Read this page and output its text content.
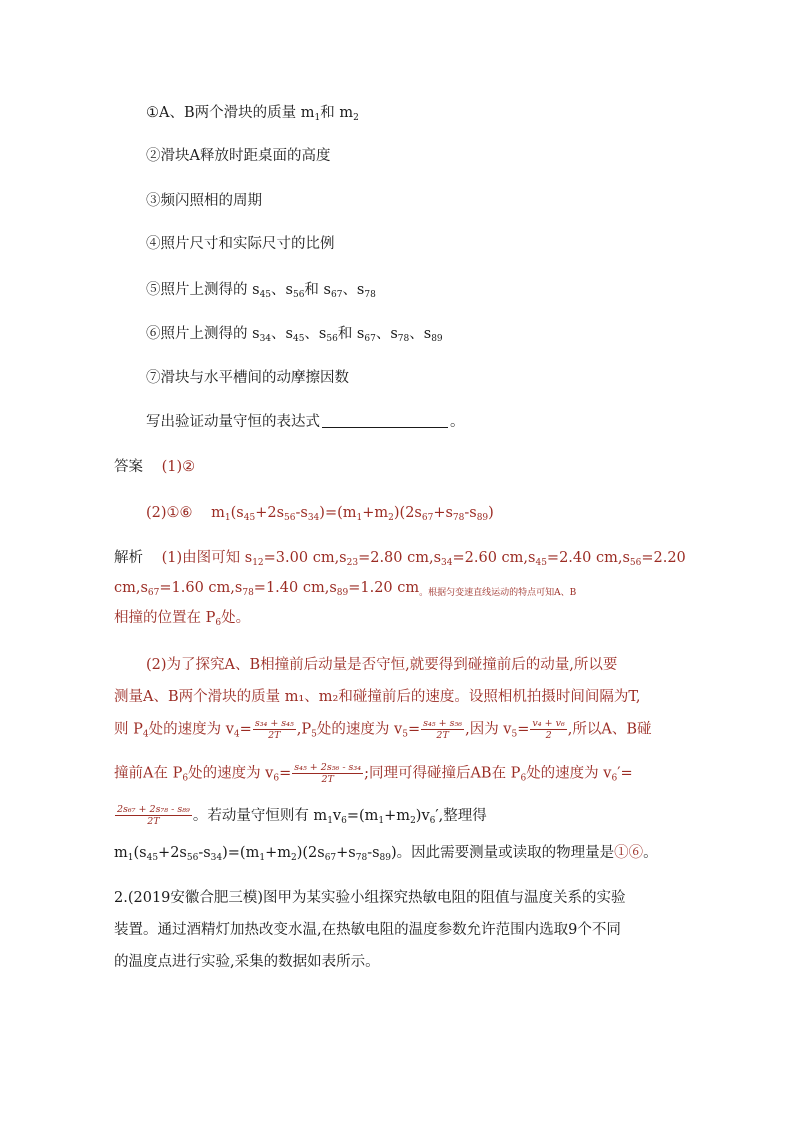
①A、B两个滑块的质量 $m_1$和 $m_2$
②滑块A释放时距桌面的高度
③频闪照相的周期
④照片尺寸和实际尺寸的比例
⑤照片上测得的 $s_{45}$、$s_{56}$和 $s_{67}$、$s_{78}$
⑥照片上测得的 $s_{34}$、$s_{45}$、$s_{56}$和 $s_{67}$、$s_{78}$、$s_{89}$
⑦滑块与水平槽间的动摩擦因数
写出验证动量守恒的表达式	。
答案 (1)②
(2)①⑥ $m_1(s_{45}+2s_{56}-s_{34})=(m_1+m_2)(2s_{67}+s_{78}-s_{89})$
解析 (1)由图可知 $s_{12}=3.00$ $cm,s_{23}=2.80$ $cm,s_{34}=2.60$ $cm,s_{45}=2.40$ $cm,s_{56}=2.20$
$cm,s_{67}=1.60$ $cm,s_{78}=1.40$ $cm,s_{89}=1.20$ $cm_{。根据匀变速直线运动的特点可知A、B}$
相撞的位置在 $P_6$处。
(2)为了探究A、B相撞前后动量是否守恒,就要得到碰撞前后的动量,所以要
测量A、B两个滑块的质量 m₁、m₂和碰撞前后的速度。设照相机拍摄时间间隔为T,
则 $P_4$处的速度为 $v_4= \frac{\text{s₃₄ + s₄₅}}{2T} ,P_5$处的速度为 $v_5= \frac{\text{s₄₅ + s₅₆}}{2T}$ ,因为 $v_5= \frac{\text{v₄ + v₆}}{2}$ ,所以A、B碰
撞前A在 $P_6$处的速度为 $v_6= \frac{\text{s₄₅ + 2s₅₆ - s₃₄}}{2T}$ ;同理可得碰撞后AB在 $P_6$处的速度为 $v_6'=$
$\frac{\text{2s₆₇ + 2s₇₈ - s₈₉}}{2T}$ 。若动量守恒则有 $m_1v_6=(m_1+m_2)v_6'$,整理得
$m_1(s_{45}+2s_{56}-s_{34})=(m_1+m_2)(2s_{67}+s_{78}-s_{89})$。因此需要测量或读取的物理量是①⑥。
2.(2019安徽合肥三模)图甲为某实验小组探究热敏电阻的阻值与温度关系的实验
装置。通过酒精灯加热改变水温,在热敏电阻的温度参数允许范围内选取9个不同
的温度点进行实验,采集的数据如表所示。
